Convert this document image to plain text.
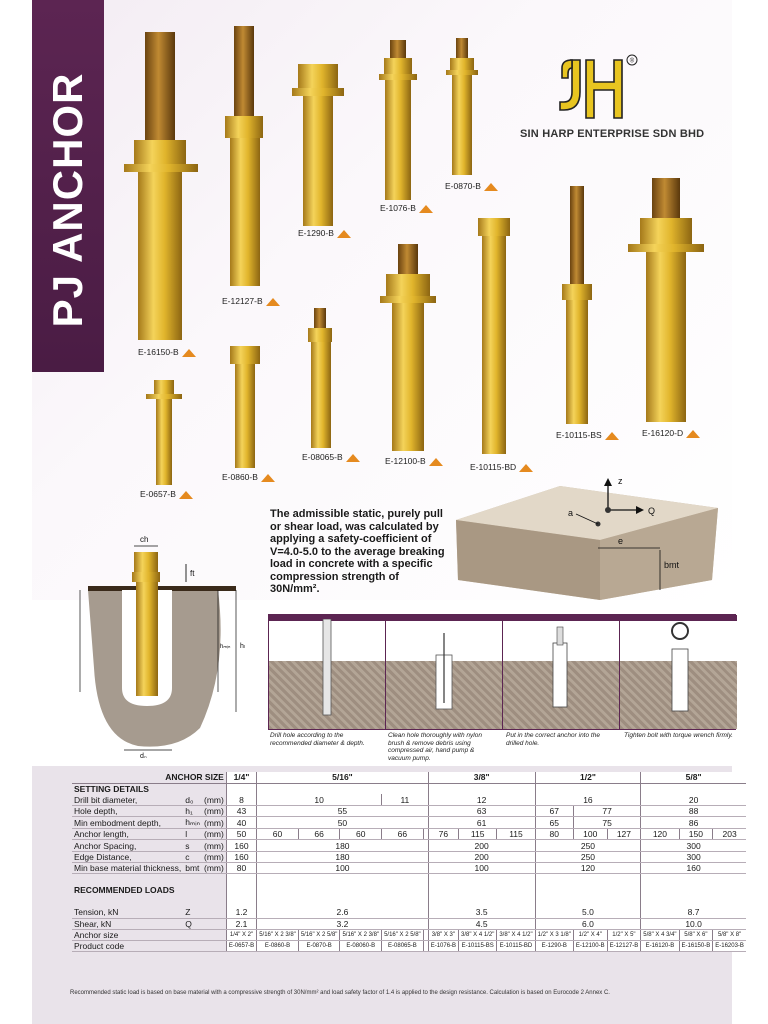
PJ ANCHOR
®
SIN HARP ENTERPRISE SDN BHD
E-16150-B
E-12127-B
E-1290-B
E-1076-B
E-0870-B
E-12100-B
E-10115-BD
E-10115-BS	E-16120-D
E-0657-B
E-0860-B
E-08065-B
The admissible static, purely pull or shear load, was calculated by applying a safety-coefficient of V=4.0-5.0 to the average breaking load in concrete with a specific compression strength of 30N/mm².
z
Q
a
e
bmt
ch
ft
hₘᵢₙ hₗ
d₀
Drill hole according to the recommended diameter & depth.
Clean hole thoroughly with nylon brush & remove debris using compressed air, hand pump & vacuum pump.
Put in the correct anchor into the drilled hole.
Tighten bolt with torque wrench firmly.
ANCHOR SIZE			1/4"	5/16"					3/8"			1/2"			5/8"		
SETTING DETAILS																	
Drill bit diameter,	d₀	(mm)	8	10			11		12			16			20		
Hole depth,	h₁	(mm)	43	55					63			67	77		88		
Min embodment depth,	hₘᵢₙ	(mm)	40	50					61			65	75		86		
Anchor length,	l	(mm)	50	60	66	60	66		76	115	115	80	100	127	120	150	203
Anchor Spacing,	s	(mm)	160	180					200			250			300		
Edge Distance,	c	(mm)	160	180					200			250			300		
Min base material thickness,	bmt	(mm)	80	100					100			120			160		

RECOMMENDED LOADS																	

Tension, kN	Z		1.2	2.6					3.5			5.0			8.7		
Shear, kN	Q		2.1	3.2					4.5			6.0			10.0		
Anchor size			1/4" X 2"	5/16" X 2 3/8"	5/16" X 2 5/8"	5/16" X 2 3/8"	5/16" X 2 5/8"		3/8" X 3"	3/8" X 4 1/2"	3/8" X 4 1/2"	1/2" X 3 1/8"	1/2" X 4"	1/2" X 5"	5/8" X 4 3/4"	5/8" X 6"	5/8" X 8"
Product code			E-0657-B	E-0860-B	E-0870-B	E-08060-B	E-08065-B		E-1076-B	E-10115-BS	E-10115-BD	E-1290-B	E-12100-B	E-12127-B	E-16120-B	E-16150-B	E-16203-B
Recommended static load is based on base material with a compressive strength of 30N/mm² and load safety factor of 1.4 is applied to the design resistance. Calculation is based on Eurocode 2 Annex C.
